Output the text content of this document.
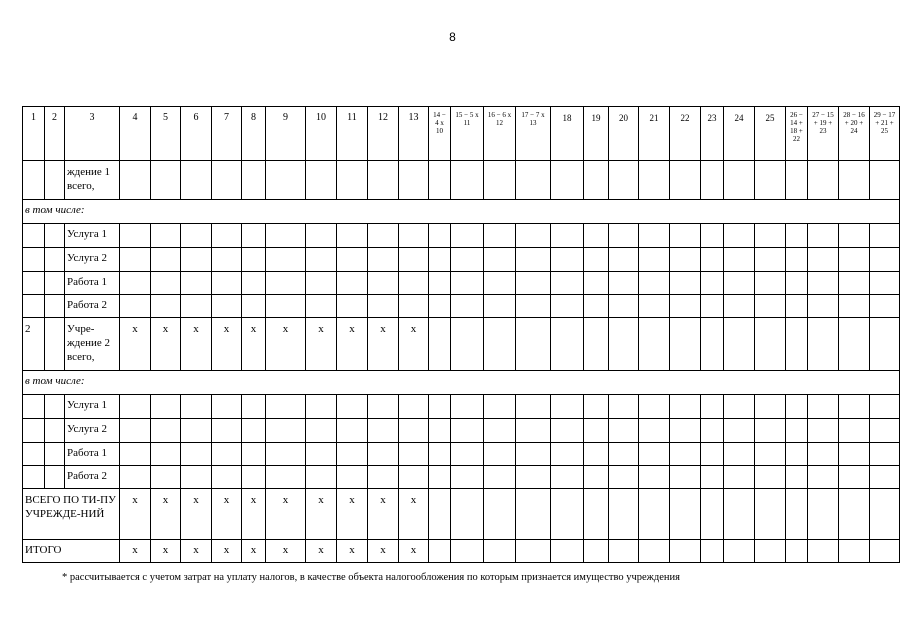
8
1	2	3	4	5	6	7	8	9	10	11	12	13	14 − 4 x 10	15 − 5 x 11	16 − 6 x 12	17 − 7 x 13	18	19	20	21	22	23	24	25	26 − 14 + 18 + 22	27 − 15 + 19 + 23	28 − 16 + 20 + 24	29 − 17 + 21 + 25
		ждение 1 всего,																										
в том числе:																												
		Услуга 1																										
		Услуга 2																										
		Работа 1																										
		Работа 2																										
2		Учре-ждение 2 всего,	x	x	x	x	x	x	x	x	x	x																
в том числе:																												
		Услуга 1																										
		Услуга 2																										
		Работа 1																										
		Работа 2																										
ВСЕГО ПО ТИ-ПУ УЧРЕЖДЕ-НИЙ			x	x	x	x	x	x	x	x	x	x																
ИТОГО			x	x	x	x	x	x	x	x	x	x																
* рассчитывается с учетом затрат на уплату налогов, в качестве объекта налогообложения по которым признается имущество учреждения
